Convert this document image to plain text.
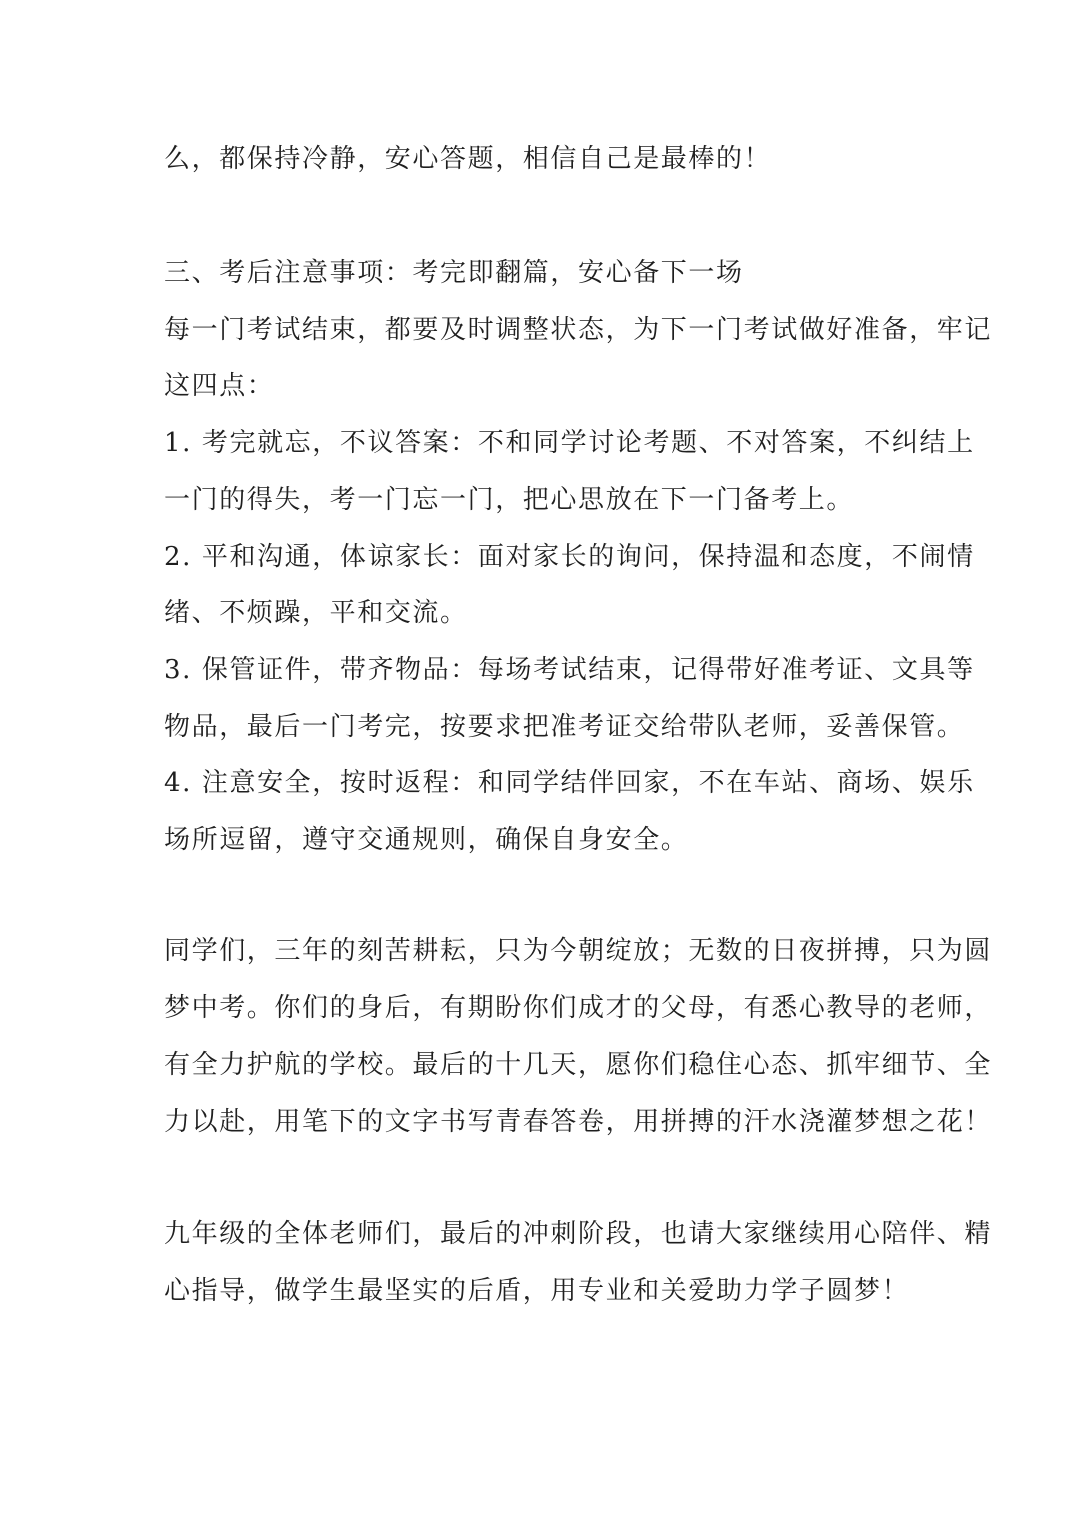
么，都保持冷静，安心答题，相信自己是最棒的！
三、考后注意事项：考完即翻篇，安心备下一场
每一门考试结束，都要及时调整状态，为下一门考试做好准备，牢记
这四点：
1. 考完就忘，不议答案：不和同学讨论考题、不对答案，不纠结上
一门的得失，考一门忘一门，把心思放在下一门备考上。
2. 平和沟通，体谅家长：面对家长的询问，保持温和态度，不闹情
绪、不烦躁，平和交流。
3. 保管证件，带齐物品：每场考试结束，记得带好准考证、文具等
物品，最后一门考完，按要求把准考证交给带队老师，妥善保管。
4. 注意安全，按时返程：和同学结伴回家，不在车站、商场、娱乐
场所逗留，遵守交通规则，确保自身安全。
同学们，三年的刻苦耕耘，只为今朝绽放；无数的日夜拼搏，只为圆
梦中考。你们的身后，有期盼你们成才的父母，有悉心教导的老师，
有全力护航的学校。最后的十几天，愿你们稳住心态、抓牢细节、全
力以赴，用笔下的文字书写青春答卷，用拼搏的汗水浇灌梦想之花！
九年级的全体老师们，最后的冲刺阶段，也请大家继续用心陪伴、精
心指导，做学生最坚实的后盾，用专业和关爱助力学子圆梦！
